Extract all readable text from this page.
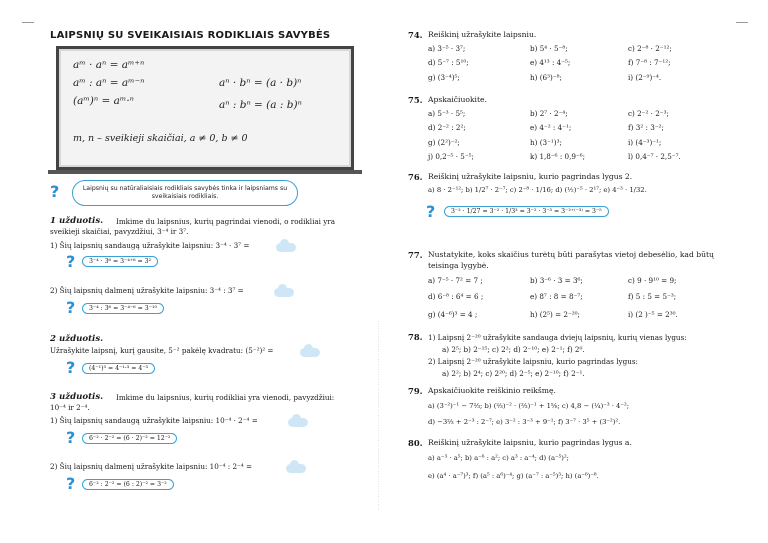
LAIPSNIŲ SU SVEIKAISIAIS RODIKLIAIS SAVYBĖS
aᵐ · aⁿ = aᵐ⁺ⁿ
aᵐ : aⁿ = aᵐ⁻ⁿ
(aᵐ)ⁿ = aᵐ·ⁿ
aⁿ · bⁿ = (a · b)ⁿ
aⁿ : bⁿ = (a : b)ⁿ
m, n – sveikieji skaičiai, a ≠ 0, b ≠ 0
?	Laipsnių su natūraliaisiais rodikliais savybės tinka ir laipsniams su sveikaisiais rodikliais.
1 užduotis. Imkime du laipsnius, kurių pagrindai vienodi, o rodikliai yra
sveikieji skaičiai, pavyzdžiui, 3⁻⁴ ir 3⁷.
1) Šių laipsnių sandaugą užrašykite laipsniu: 3⁻⁴ · 3⁷ =
?	3⁻⁴ · 3⁶ = 3⁻⁴⁺⁶ = 3²
2) Šių laipsnių dalmenį užrašykite laipsniu: 3⁻⁴ : 3⁷ =
?	3⁻⁴ : 3⁶ = 3⁻⁴⁻⁶ = 3⁻¹⁰
2 užduotis.
Užrašykite laipsnį, kurį gausite, 5⁻² pakėlę kvadratu: (5⁻²)² =
?	(4⁻¹)³ = 4⁻¹·³ = 4⁻³
3 užduotis. Imkime du laipsnius, kurių rodikliai yra vienodi, pavyzdžiui:
10⁻⁴ ir 2⁻⁴.
1) Šių laipsnių sandaugą užrašykite laipsniu: 10⁻⁴ · 2⁻⁴ =
?	6⁻² · 2⁻² = (6 · 2)⁻² = 12⁻²
2) Šių laipsnių dalmenį užrašykite laipsniu: 10⁻⁴ : 2⁻⁴ =
?	6⁻² : 2⁻² = (6 : 2)⁻² = 3⁻²	· · · · · · · · · · · · · · · · · · · · · · · · · · · · · · · · · · · · · · · · · · · · · · · · · · · · · · · · · · · · · · · · · · · · · · · · · · ·
74. Reiškinį užrašykite laipsniu.
a) 3⁻⁵ · 3⁷;	b) 5⁴ · 5⁻⁸;	c) 2⁻⁸ · 2⁻¹²;
d) 5⁻⁷ : 5¹⁰;	e) 4¹³ : 4⁻⁵;	f) 7⁻⁸ : 7⁻¹²;
g) (3⁻⁴)⁵;	h) (6³)⁻⁸;	i) (2⁻⁹)⁻⁴.
75. Apskaičiuokite.
a) 5⁻³ · 5⁵;	b) 2⁷ · 2⁻⁴;	c) 2⁻² · 2⁻³;
d) 2⁻² : 2²;	e) 4⁻² : 4⁻¹;	f) 3² : 3⁻²;
g) (2²)⁻²;	h) (3⁻¹)³;	i) (4⁻³)⁻¹;
j) 0,2⁻⁵ · 5⁻⁵;	k) 1,8⁻⁶ : 0,9⁻⁶;	l) 0,4⁻⁷ · 2,5⁻⁷.
76. Reiškinį užrašykite laipsniu, kurio pagrindas lygus 2.
a) 8 · 2⁻¹²; b) 1/2⁷ · 2⁻⁷; c) 2⁻⁸ · 1/16; d) (½)⁻⁵ · 2¹⁷; e) 4⁻³ · 1/32.
?	3⁻² · 1/27 = 3⁻² · 1/3³ = 3⁻² · 3⁻³ = 3⁻²⁺⁽⁻³⁾ = 3⁻⁵
77. Nustatykite, koks skaičius turėtų būti parašytas vietoj debesėlio, kad būtų
teisinga lygybė.
a) 7⁻⁵ · 7² = 7 ;	b) 3⁻⁶ · 3 = 3⁶;	c) 9 · 9¹⁰ = 9;
d) 6⁻⁸ : 6⁴ = 6 ;	e) 8⁷ : 8 = 8⁻⁷;	f) 5 : 5 = 5⁻³;
g) (4⁻⁶)³ = 4 ;	h) (2⁵) = 2⁻²⁰;	i) (2 )⁻⁵ = 2³⁰.
78. 1) Laipsnį 2⁻²⁰ užrašykite sandauga dviejų laipsnių, kurių vienas lygus:
a) 2⁵; b) 2⁻¹⁵; c) 2²; d) 2⁻¹⁰; e) 2⁻¹; f) 2⁰.
2) Laipsnį 2⁻²⁰ užrašykite laipsniu, kurio pagrindas lygus:
a) 2²; b) 2⁴; c) 2²⁰; d) 2⁻⁵; e) 2⁻¹⁰; f) 2⁻¹.
79. Apskaičiuokite reiškinio reikšmę.
a) (3⁻²)⁻¹ − 7⅔; b) (⅔)⁻² · (⅔)⁻¹ + 1⅝; c) 4,8 − (¼)⁻³ · 4⁻²;
d) −3⅔ + 2⁻³ : 2⁻⁷; e) 3⁻² : 3⁻³ + 9⁻¹; f) 3⁻⁷ · 3⁵ + (3⁻²)².
80. Reiškinį užrašykite laipsniu, kurio pagrindas lygus a.
a) a⁻³ · a⁵; b) a⁻⁶ : a²; c) a³ : a⁻⁴; d) (a⁻⁵)²;
e) (a⁴ · a⁻⁷)³; f) (a⁵ : a⁶)⁻⁴; g) (a⁻⁷ : a⁻⁵)³; h) (a⁻⁶)⁻⁸.
